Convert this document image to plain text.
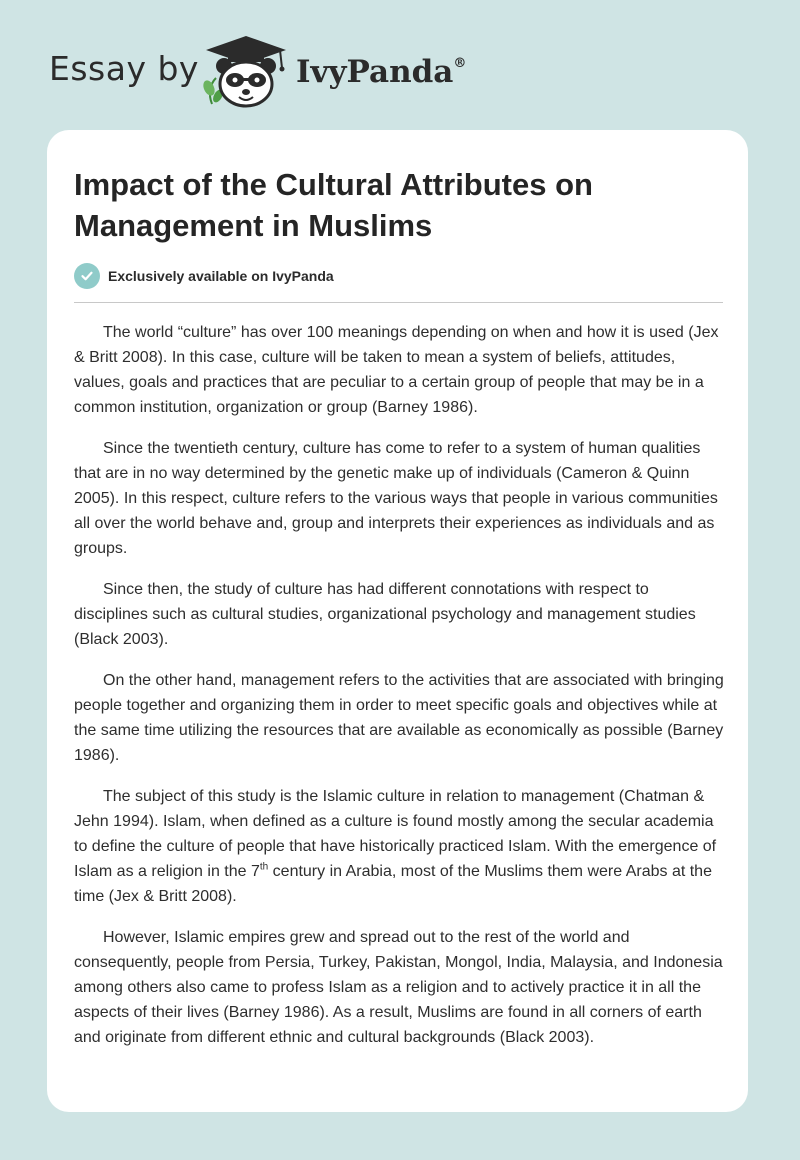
Essay by	IvyPanda®
Impact of the Cultural Attributes on Management in Muslims
Exclusively available on IvyPanda

The world “culture” has over 100 meanings depending on when and how it is used (Jex & Britt 2008). In this case, culture will be taken to mean a system of beliefs, attitudes, values, goals and practices that are peculiar to a certain group of people that may be in a common institution, organization or group (Barney 1986).

Since the twentieth century, culture has come to refer to a system of human qualities that are in no way determined by the genetic make up of individuals (Cameron & Quinn 2005). In this respect, culture refers to the various ways that people in various communities all over the world behave and, group and interprets their experiences as individuals and as groups.

Since then, the study of culture has had different connotations with respect to disciplines such as cultural studies, organizational psychology and management studies (Black 2003).

On the other hand, management refers to the activities that are associated with bringing people together and organizing them in order to meet specific goals and objectives while at the same time utilizing the resources that are available as economically as possible (Barney 1986).

The subject of this study is the Islamic culture in relation to management (Chatman & Jehn 1994). Islam, when defined as a culture is found mostly among the secular academia to define the culture of people that have historically practiced Islam. With the emergence of Islam as a religion in the 7th century in Arabia, most of the Muslims them were Arabs at the time (Jex & Britt 2008).

However, Islamic empires grew and spread out to the rest of the world and consequently, people from Persia, Turkey, Pakistan, Mongol, India, Malaysia, and Indonesia among others also came to profess Islam as a religion and to actively practice it in all the aspects of their lives (Barney 1986). As a result, Muslims are found in all corners of earth and originate from different ethnic and cultural backgrounds (Black 2003).
